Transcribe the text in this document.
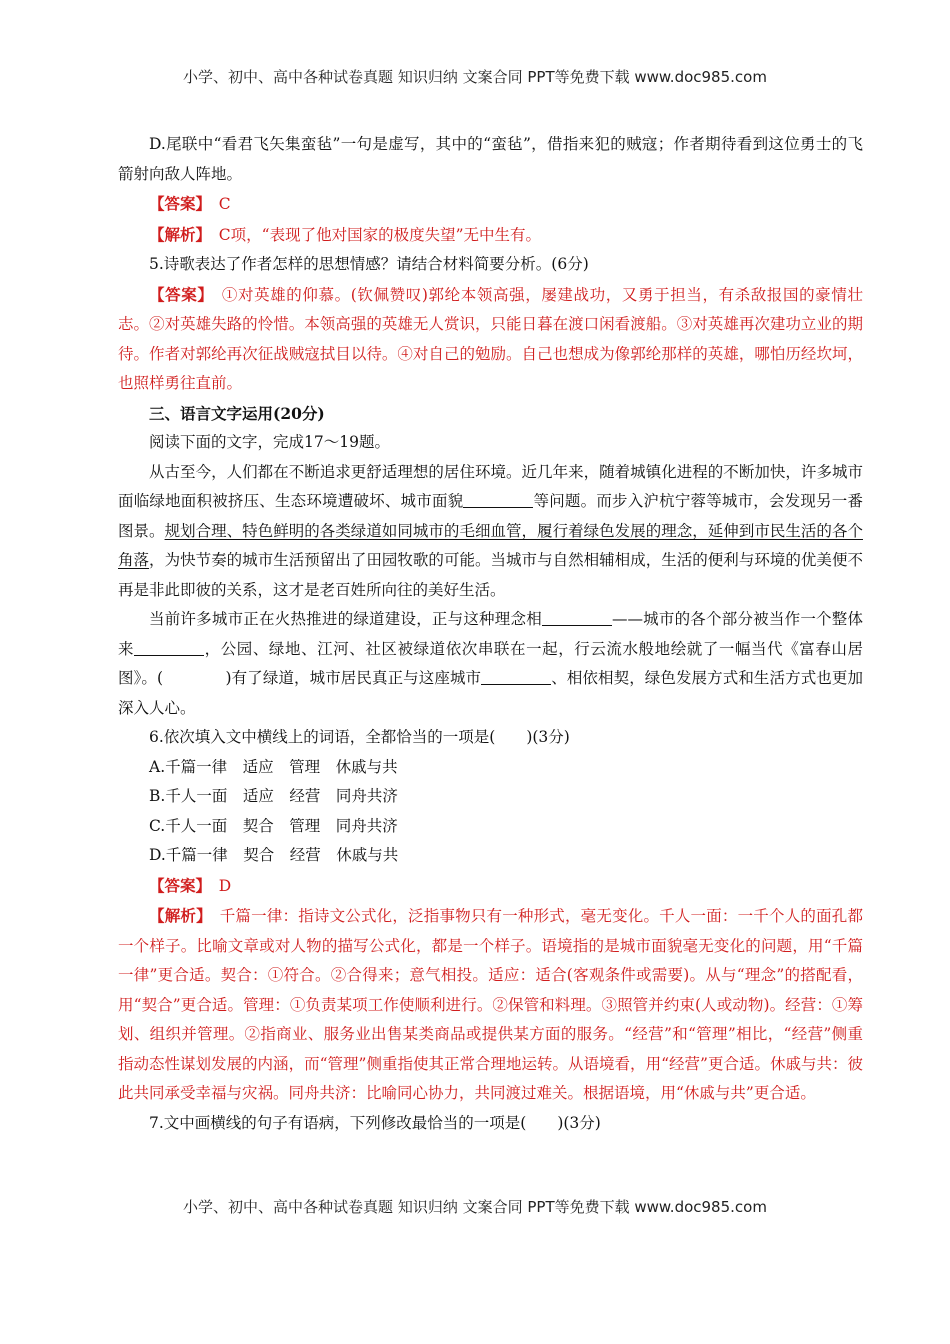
小学、初中、高中各种试卷真题 知识归纳 文案合同 PPT等免费下载 www.doc985.com

D.尾联中“看君飞矢集蛮毡”一句是虚写，其中的“蛮毡”，借指来犯的贼寇；作者期待看到这位勇士的飞箭射向敌人阵地。

【答案】　 C

【解析】　 C项，“表现了他对国家的极度失望”无中生有。

5.诗歌表达了作者怎样的思想情感？请结合材料简要分析。(6分)

【答案】　 ①对英雄的仰慕。(钦佩赞叹)郭纶本领高强，屡建战功，又勇于担当，有杀敌报国的豪情壮志。②对英雄失路的怜惜。本领高强的英雄无人赏识，只能日暮在渡口闲看渡船。③对英雄再次建功立业的期待。作者对郭纶再次征战贼寇拭目以待。④对自己的勉励。自己也想成为像郭纶那样的英雄，哪怕历经坎坷，也照样勇往直前。

三、语言文字运用(20分)

阅读下面的文字，完成17～19题。

从古至今，人们都在不断追求更舒适理想的居住环境。近几年来，随着城镇化进程的不断加快，许多城市面临绿地面积被挤压、生态环境遭破坏、城市面貌	等问题。而步入沪杭宁蓉等城市，会发现另一番图景。规划合理、特色鲜明的各类绿道如同城市的毛细血管，履行着绿色发展的理念，延伸到市民生活的各个角落，为快节奏的城市生活预留出了田园牧歌的可能。当城市与自然相辅相成，生活的便利与环境的优美便不再是非此即彼的关系，这才是老百姓所向往的美好生活。

当前许多城市正在火热推进的绿道建设，正与这种理念相	——城市的各个部分被当作一个整体来	，公园、绿地、江河、社区被绿道依次串联在一起，行云流水般地绘就了一幅当代《富春山居图》。(　　　　)有了绿道，城市居民真正与这座城市	、相依相契，绿色发展方式和生活方式也更加深入人心。

6.依次填入文中横线上的词语，全都恰当的一项是(　　)(3分)

A.千篇一律　适应　管理　休戚与共

B.千人一面　适应　经营　同舟共济

C.千人一面　契合　管理　同舟共济

D.千篇一律　契合　经营　休戚与共

【答案】　 D

【解析】　 千篇一律：指诗文公式化，泛指事物只有一种形式，毫无变化。千人一面：一千个人的面孔都一个样子。比喻文章或对人物的描写公式化，都是一个样子。语境指的是城市面貌毫无变化的问题，用“千篇一律”更合适。契合：①符合。②合得来；意气相投。适应：适合(客观条件或需要)。从与“理念”的搭配看，用“契合”更合适。管理：①负责某项工作使顺利进行。②保管和料理。③照管并约束(人或动物)。经营：①筹划、组织并管理。②指商业、服务业出售某类商品或提供某方面的服务。“经营”和“管理”相比，“经营”侧重指动态性谋划发展的内涵，而“管理”侧重指使其正常合理地运转。从语境看，用“经营”更合适。休戚与共：彼此共同承受幸福与灾祸。同舟共济：比喻同心协力，共同渡过难关。根据语境，用“休戚与共”更合适。

7.文中画横线的句子有语病，下列修改最恰当的一项是(　　)(3分)

小学、初中、高中各种试卷真题 知识归纳 文案合同 PPT等免费下载 www.doc985.com
